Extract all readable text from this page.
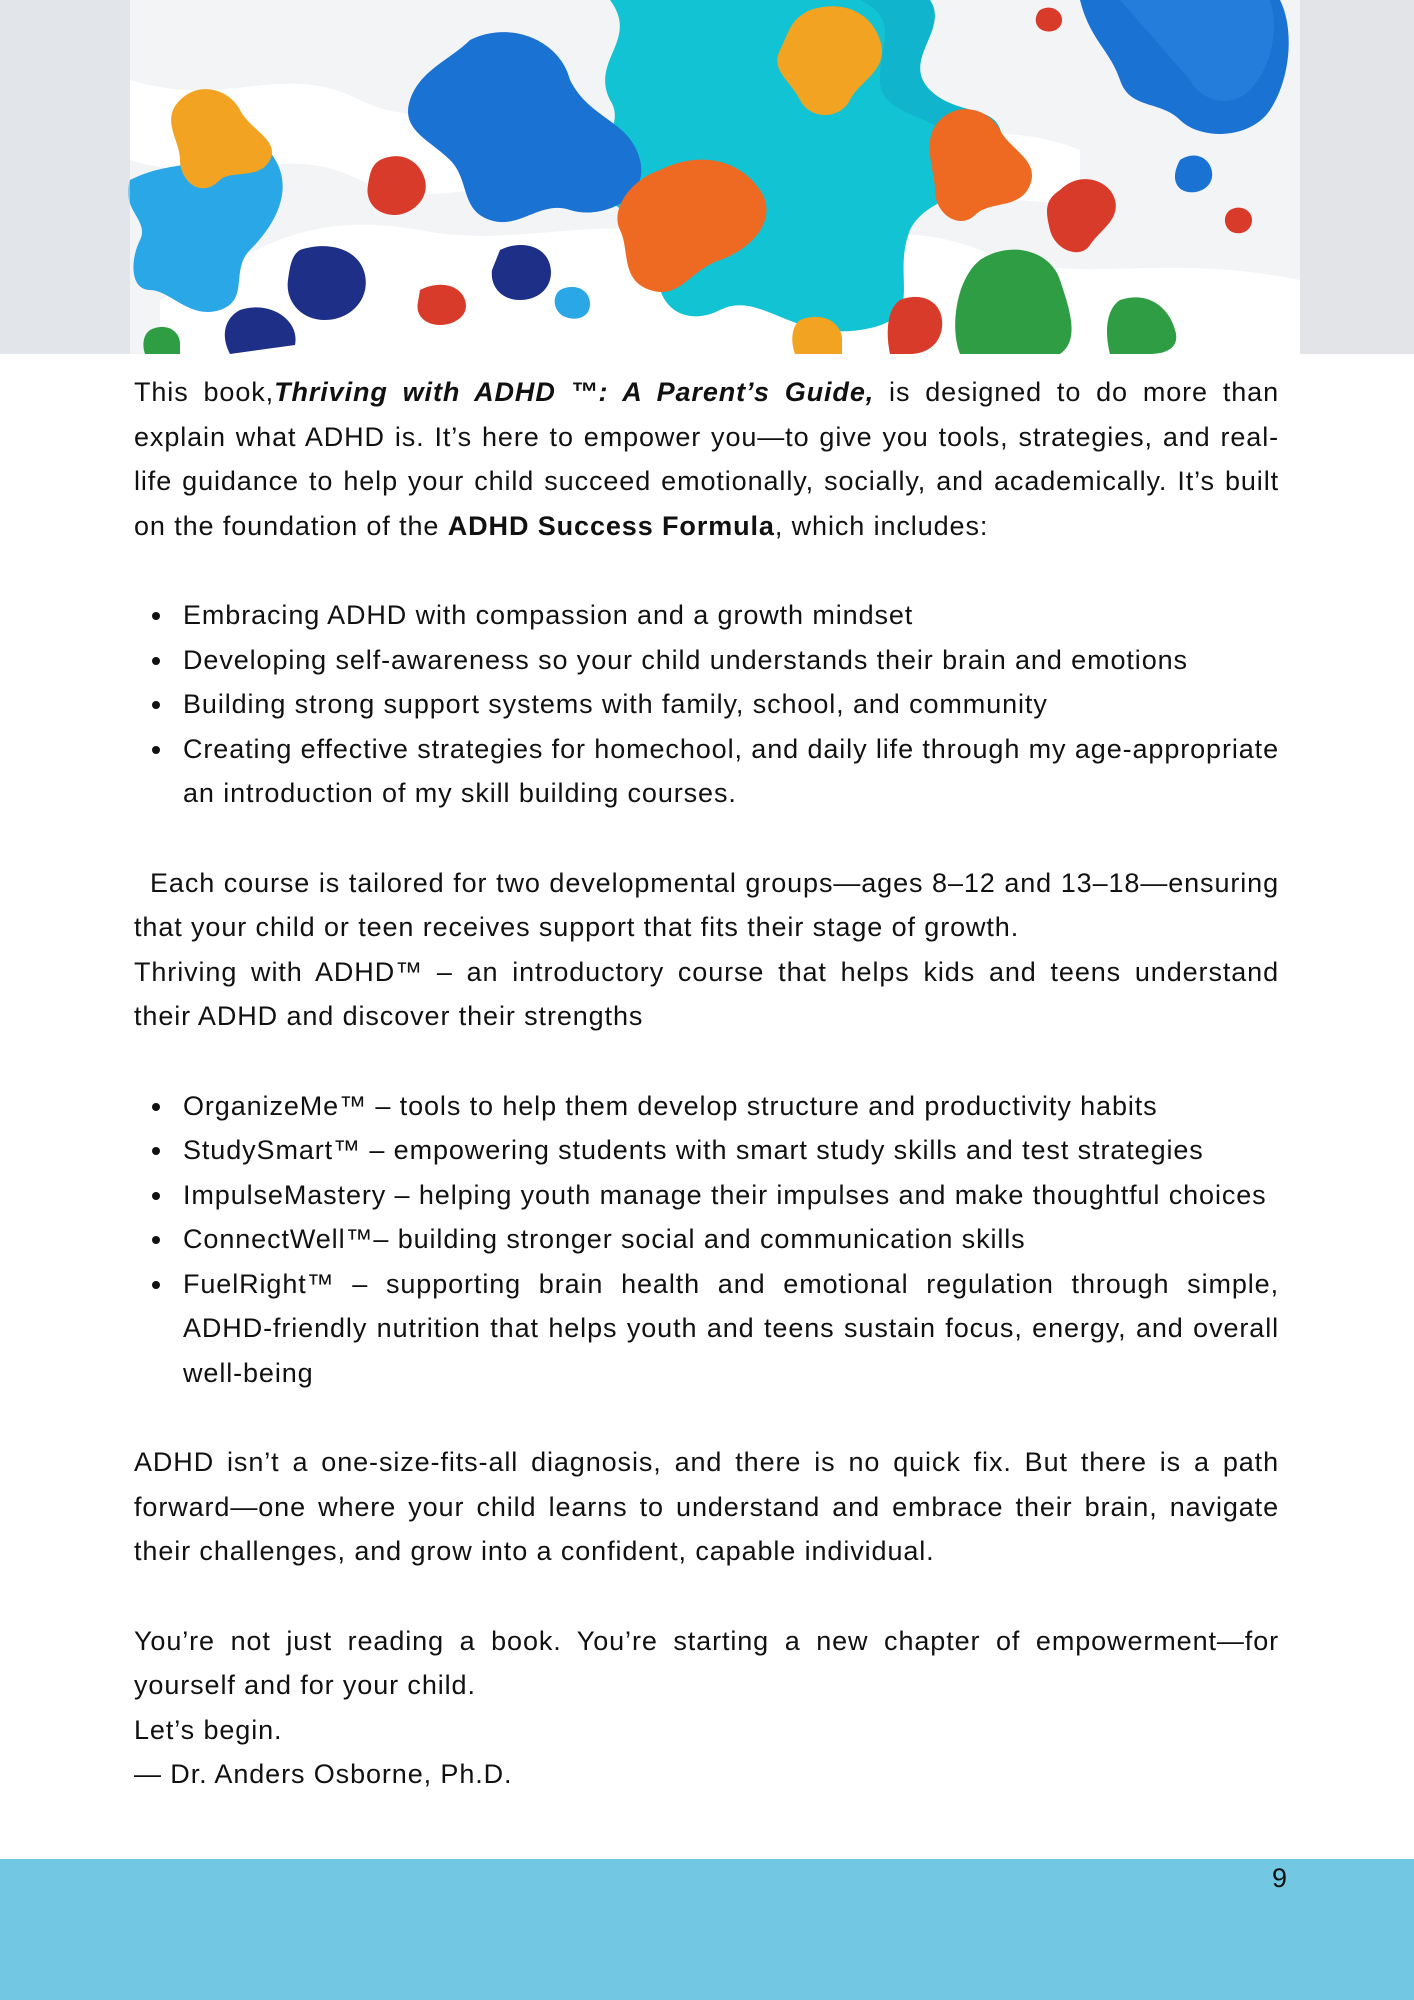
This book,Thriving with ADHD ™: A Parent’s Guide, is designed to do more than explain what ADHD is. It’s here to empower you—to give you tools, strategies, and real-life guidance to help your child succeed emotionally, socially, and academically. It’s built on the foundation of the ADHD Success Formula, which includes:

Embracing ADHD with compassion and a growth mindset
Developing self-awareness so your child understands their brain and emotions
Building strong support systems with family, school, and community
Creating effective strategies for homechool, and daily life through my age-appropriate an introduction of my skill building courses.

Each course is tailored for two developmental groups—ages 8–12 and 13–18—ensuring that your child or teen receives support that fits their stage of growth.

Thriving with ADHD™ – an introductory course that helps kids and teens understand their ADHD and discover their strengths

OrganizeMe™ – tools to help them develop structure and productivity habits
StudySmart™ – empowering students with smart study skills and test strategies
ImpulseMastery – helping youth manage their impulses and make thoughtful choices
ConnectWell™– building stronger social and communication skills
FuelRight™ – supporting brain health and emotional regulation through simple, ADHD-friendly nutrition that helps youth and teens sustain focus, energy, and overall well-being

ADHD isn’t a one-size-fits-all diagnosis, and there is no quick fix. But there is a path forward—one where your child learns to understand and embrace their brain, navigate their challenges, and grow into a confident, capable individual.

You’re not just reading a book. You’re starting a new chapter of empowerment—for yourself and for your child.

Let’s begin.

— Dr. Anders Osborne, Ph.D.

9
